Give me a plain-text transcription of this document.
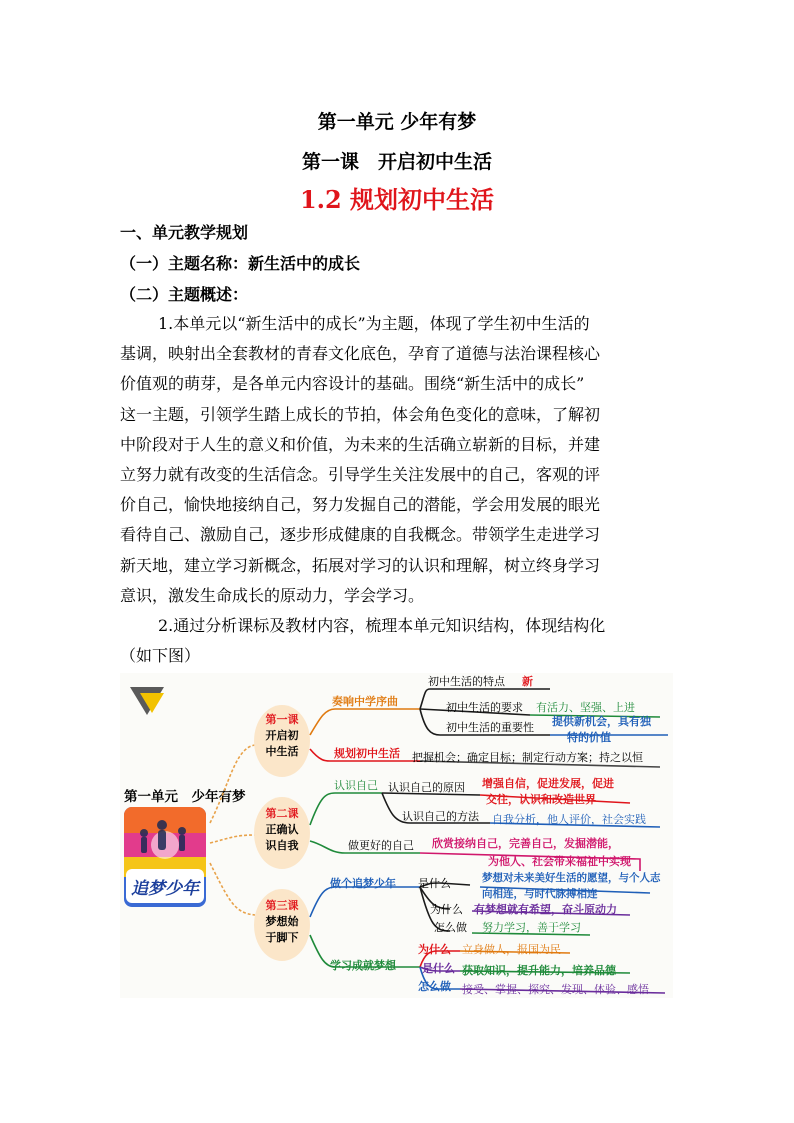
第一单元 少年有梦
第一课　开启初中生活
1.2 规划初中生活
一、单元教学规划
（一）主题名称：新生活中的成长
（二）主题概述：
1.本单元以“新生活中的成长”为主题，体现了学生初中生活的
基调，映射出全套教材的青春文化底色，孕育了道德与法治课程核心
价值观的萌芽，是各单元内容设计的基础。围绕“新生活中的成长”
这一主题，引领学生踏上成长的节拍，体会角色变化的意味，了解初
中阶段对于人生的意义和价值，为未来的生活确立崭新的目标，并建
立努力就有改变的生活信念。引导学生关注发展中的自己，客观的评
价自己，愉快地接纳自己，努力发掘自己的潜能，学会用发展的眼光
看待自己、激励自己，逐步形成健康的自我概念。带领学生走进学习
新天地，建立学习新概念，拓展对学习的认识和理解，树立终身学习
意识，激发生命成长的原动力，学会学习。
2.通过分析课标及教材内容，梳理本单元知识结构，体现结构化
（如下图）
第一单元　少年有梦
追梦少年
第一课
开启初
中生活
第二课
正确认
识自我
第三课
梦想始
于脚下
奏响中学序曲
初中生活的特点 新
初中生活的要求 有活力、坚强、上进
初中生活的重要性 提供新机会，具有独
特的价值
规划初中生活 把握机会；确定目标；制定行动方案；持之以恒
认识自己 认识自己的原因 增强自信，促进发展，促进
交往，认识和改造世界
认识自己的方法 自我分析，他人评价，社会实践
做更好的自己 欣赏接纳自己，完善自己，发掘潜能，
为他人、社会带来福祉中实现
做个追梦少年 是什么	梦想对未来美好生活的愿望，与个人志
向相连，与时代脉搏相连
为什么 有梦想就有希望，奋斗原动力
怎么做 努力学习，善于学习
学习成就梦想
为什么 立身做人，报国为民
是什么 获取知识，提升能力，培养品德
怎么做 接受、掌握、探究、发现、体验、感悟
